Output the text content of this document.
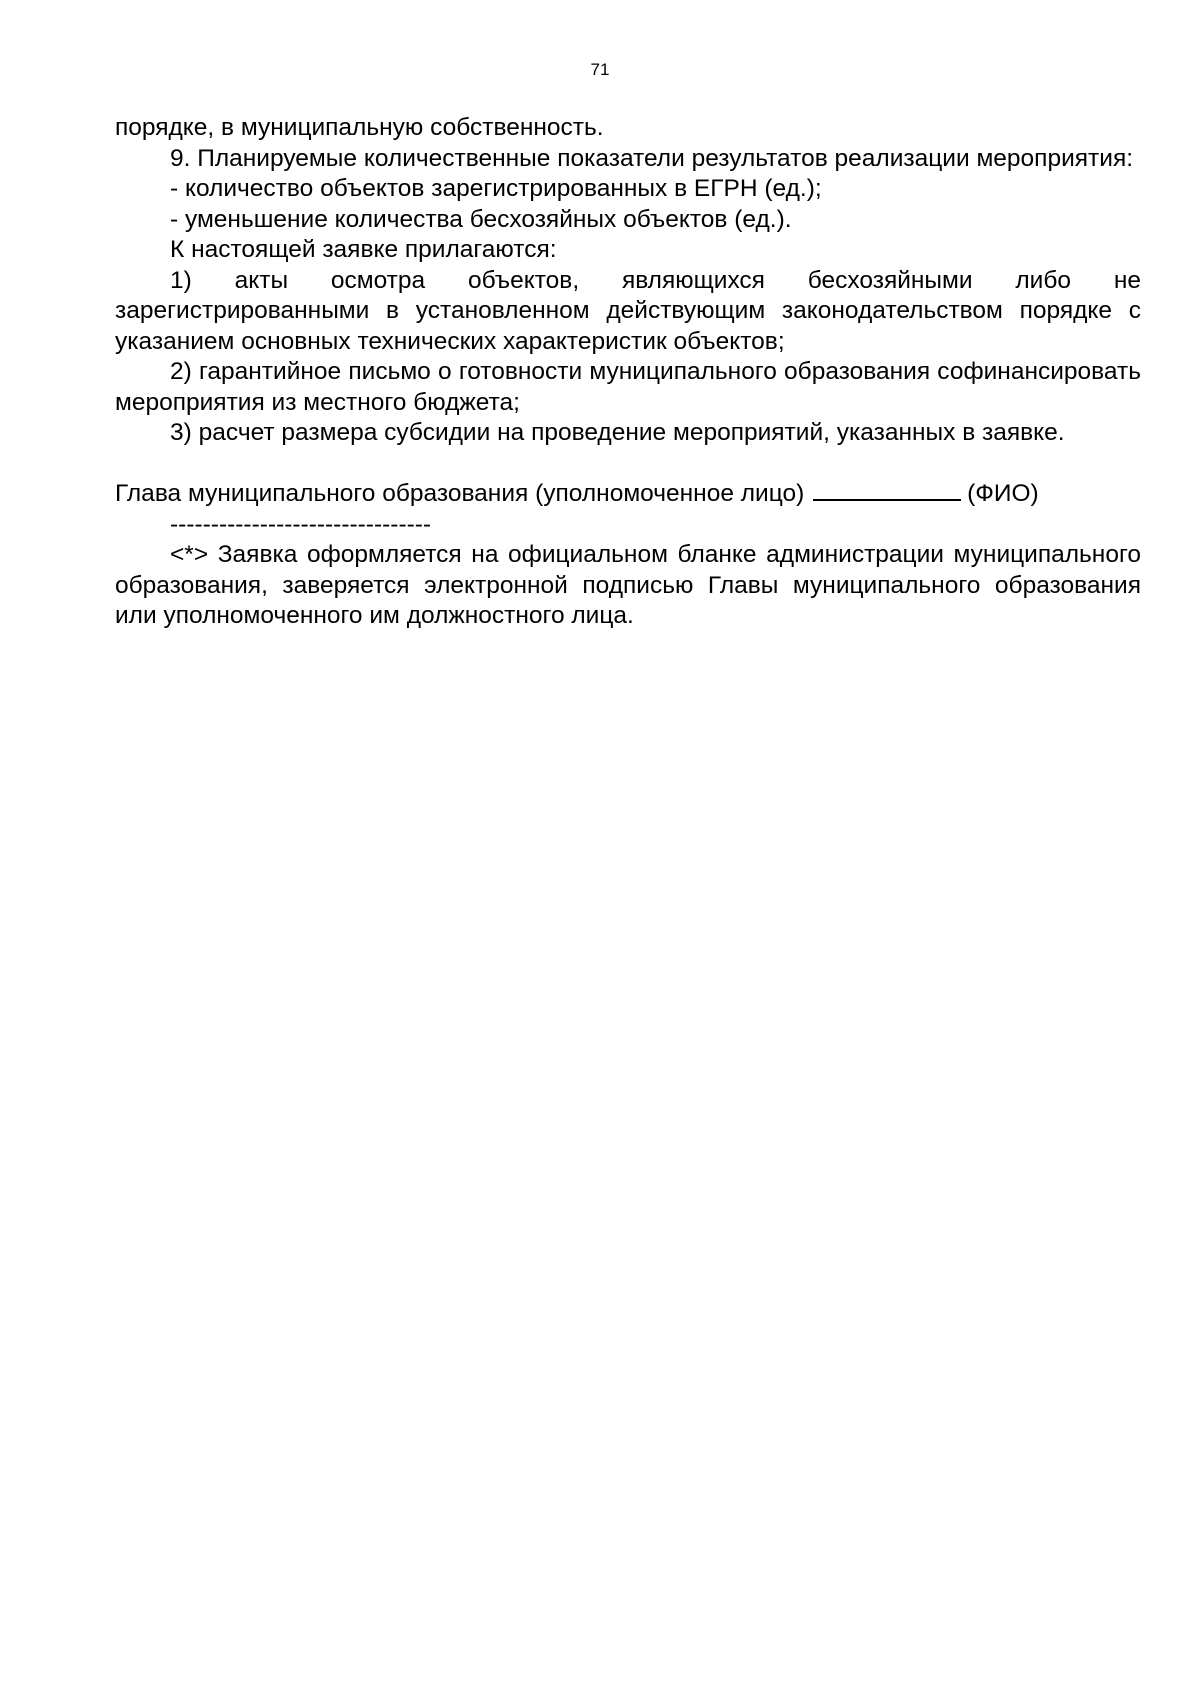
71

порядке, в муниципальную собственность.

9. Планируемые количественные показатели результатов реализации мероприятия:

- количество объектов зарегистрированных в ЕГРН (ед.);

- уменьшение количества бесхозяйных объектов (ед.).

К настоящей заявке прилагаются:

1) акты осмотра объектов, являющихся бесхозяйными либо не зарегистрированными в установленном действующим законодательством порядке с указанием основных технических характеристик объектов;

2) гарантийное письмо о готовности муниципального образования софинансировать мероприятия из местного бюджета;

3) расчет размера субсидии на проведение мероприятий, указанных в заявке.

Глава муниципального образования (уполномоченное лицо)	(ФИО)

--------------------------------

<*> Заявка оформляется на официальном бланке администрации муниципального образования, заверяется электронной подписью Главы муниципального образования или уполномоченного им должностного лица.
